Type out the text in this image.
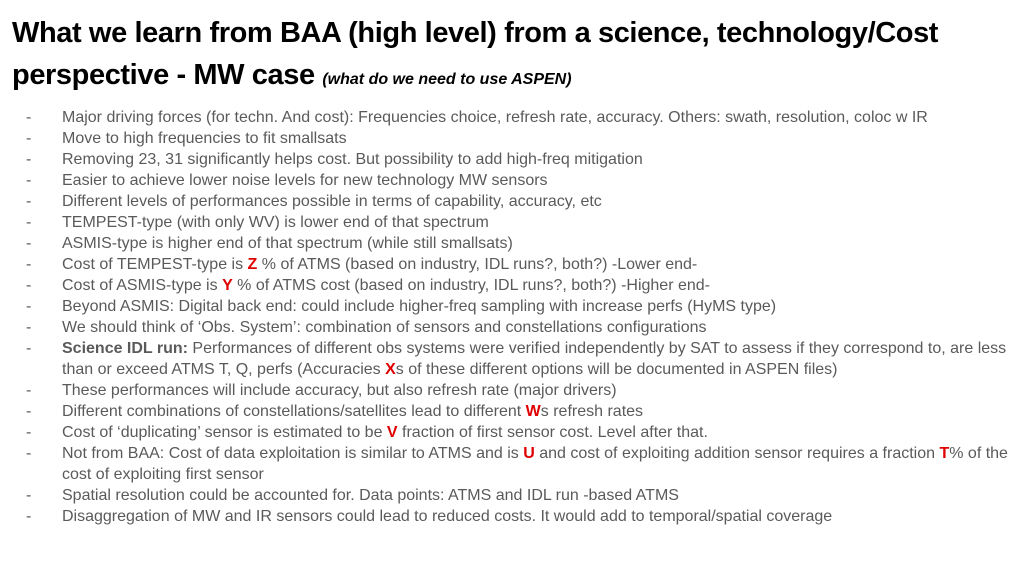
What we learn from BAA (high level) from a science, technology/Cost perspective - MW case (what do we need to use ASPEN)
- Major driving forces (for techn. And cost): Frequencies choice, refresh rate, accuracy. Others: swath, resolution, coloc w IR
- Move to high frequencies to fit smallsats
- Removing 23, 31 significantly helps cost. But possibility to add high-freq mitigation
- Easier to achieve lower noise levels for new technology MW sensors
- Different levels of performances possible in terms of capability, accuracy, etc
- TEMPEST-type (with only WV) is lower end of that spectrum
- ASMIS-type is higher end of that spectrum (while still smallsats)
- Cost of TEMPEST-type is Z % of ATMS (based on industry, IDL runs?, both?) -Lower end-
- Cost of ASMIS-type is Y % of ATMS cost (based on industry, IDL runs?, both?) -Higher end-
- Beyond ASMIS: Digital back end: could include higher-freq sampling with increase perfs (HyMS type)
- We should think of ‘Obs. System’: combination of sensors and constellations configurations
- Science IDL run: Performances of different obs systems were verified independently by SAT to assess if they correspond to, are less than or exceed ATMS T, Q, perfs (Accuracies Xs of these different options will be documented in ASPEN files)
- These performances will include accuracy, but also refresh rate (major drivers)
- Different combinations of constellations/satellites lead to different Ws refresh rates
- Cost of ‘duplicating’ sensor is estimated to be V fraction of first sensor cost. Level after that.
- Not from BAA: Cost of data exploitation is similar to ATMS and is U and cost of exploiting addition sensor requires a fraction T% of the cost of exploiting first sensor
- Spatial resolution could be accounted for. Data points: ATMS and IDL run -based ATMS
- Disaggregation of MW and IR sensors could lead to reduced costs. It would add to temporal/spatial coverage
